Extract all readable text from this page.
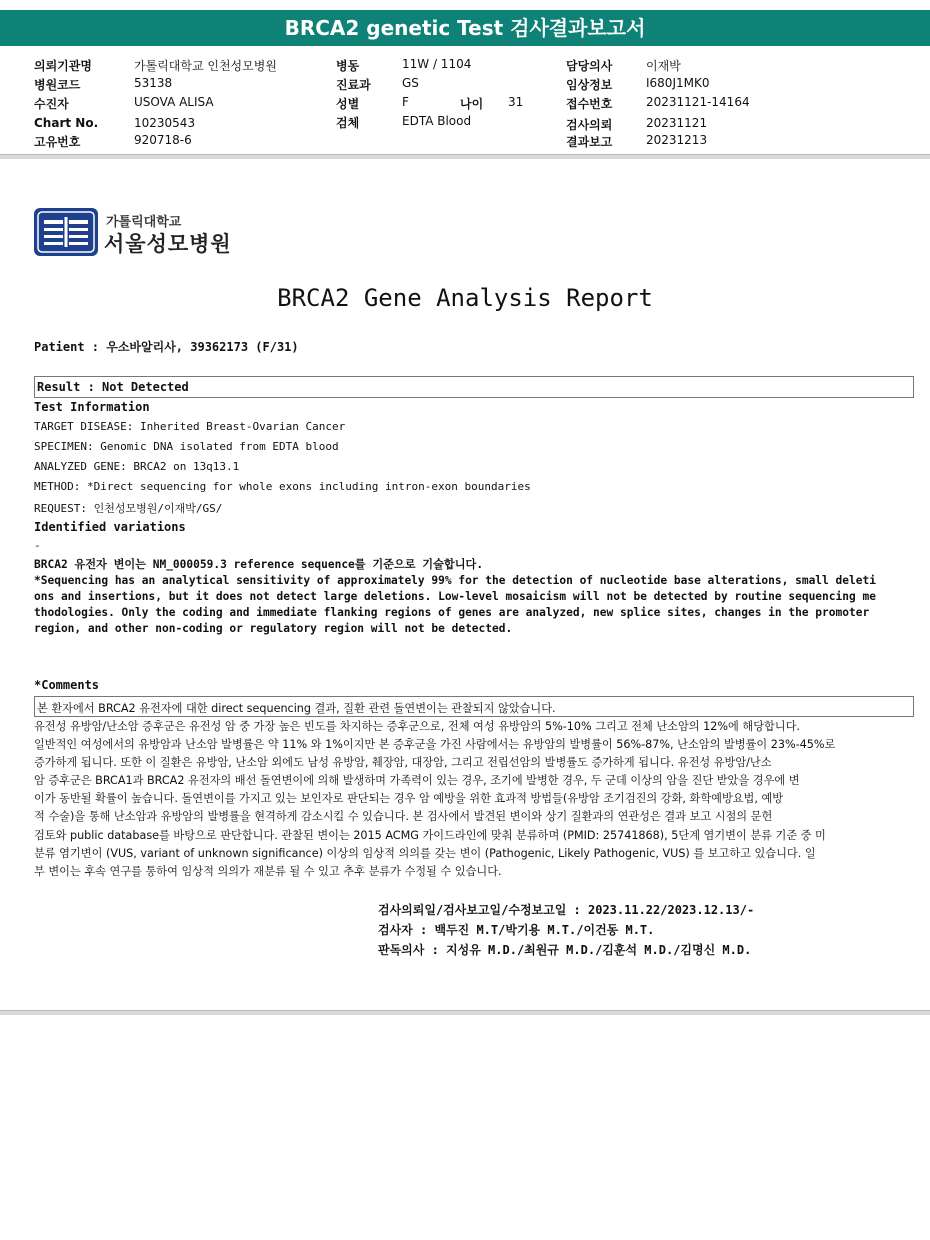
BRCA2 genetic Test 검사결과보고서
의뢰기관명	가톨릭대학교 인천성모병원
병원코드	53138
수진자	USOVA ALISA
Chart No.	10230543
고유번호	920718-6
병동	11W / 1104
진료과	GS
성별	F	나이 31
검체	EDTA Blood
담당의사	이재박
임상정보	I680J1MK0
접수번호	20231121-14164
검사의뢰	20231121
결과보고	20231213
가톨릭대학교
서울성모병원
BRCA2 Gene Analysis Report
Patient : 우소바알리사, 39362173 (F/31)
Result : Not Detected
Test Information
TARGET DISEASE: Inherited Breast-Ovarian Cancer
SPECIMEN: Genomic DNA isolated from EDTA blood
ANALYZED GENE: BRCA2 on 13q13.1
METHOD: *Direct sequencing for whole exons including intron-exon boundaries
REQUEST: 인천성모병원/이재박/GS/
Identified variations
-
BRCA2 유전자 변이는 NM_000059.3 reference sequence를 기준으로 기술합니다.
*Sequencing has an analytical sensitivity of approximately 99% for the detection of nucleotide base alterations, small deleti
ons and insertions, but it does not detect large deletions. Low-level mosaicism will not be detected by routine sequencing me
thodologies. Only the coding and immediate flanking regions of genes are analyzed, new splice sites, changes in the promoter
region, and other non-coding or regulatory region will not be detected.
*Comments
본 환자에서 BRCA2 유전자에 대한 direct sequencing 결과, 질환 관련 돌연변이는 관찰되지 않았습니다.
유전성 유방암/난소암 증후군은 유전성 암 중 가장 높은 빈도를 차지하는 증후군으로, 전체 여성 유방암의 5%-10% 그리고 전체 난소암의 12%에 해당합니다.
일반적인 여성에서의 유방암과 난소암 발병률은 약 11% 와 1%이지만 본 증후군을 가진 사람에서는 유방암의 발병률이 56%-87%, 난소암의 발병률이 23%-45%로
증가하게 됩니다. 또한 이 질환은 유방암, 난소암 외에도 남성 유방암, 췌장암, 대장암, 그리고 전립선암의 발병률도 증가하게 됩니다. 유전성 유방암/난소
암 증후군은 BRCA1과 BRCA2 유전자의 배선 돌연변이에 의해 발생하며 가족력이 있는 경우, 조기에 발병한 경우, 두 군데 이상의 암을 진단 받았을 경우에 변
이가 동반될 확률이 높습니다. 돌연변이를 가지고 있는 보인자로 판단되는 경우 암 예방을 위한 효과적 방법들(유방암 조기검진의 강화, 화학예방요법, 예방
적 수술)을 통해 난소암과 유방암의 발병률을 현격하게 감소시킬 수 있습니다. 본 검사에서 발견된 변이와 상기 질환과의 연관성은 결과 보고 시점의 문헌
검토와 public database를 바탕으로 판단합니다. 관찰된 변이는 2015 ACMG 가이드라인에 맞춰 분류하며 (PMID: 25741868), 5단계 염기변이 분류 기준 중 미
분류 염기변이 (VUS, variant of unknown significance) 이상의 임상적 의의를 갖는 변이 (Pathogenic, Likely Pathogenic, VUS) 를 보고하고 있습니다. 일
부 변이는 후속 연구를 통하여 임상적 의의가 재분류 될 수 있고 추후 분류가 수정될 수 있습니다.
검사의뢰일/검사보고일/수정보고일 : 2023.11.22/2023.12.13/-
검사자 : 백두진 M.T/박기용 M.T./이건동 M.T.
판독의사 : 지성유 M.D./최원규 M.D./김훈석 M.D./김명신 M.D.
